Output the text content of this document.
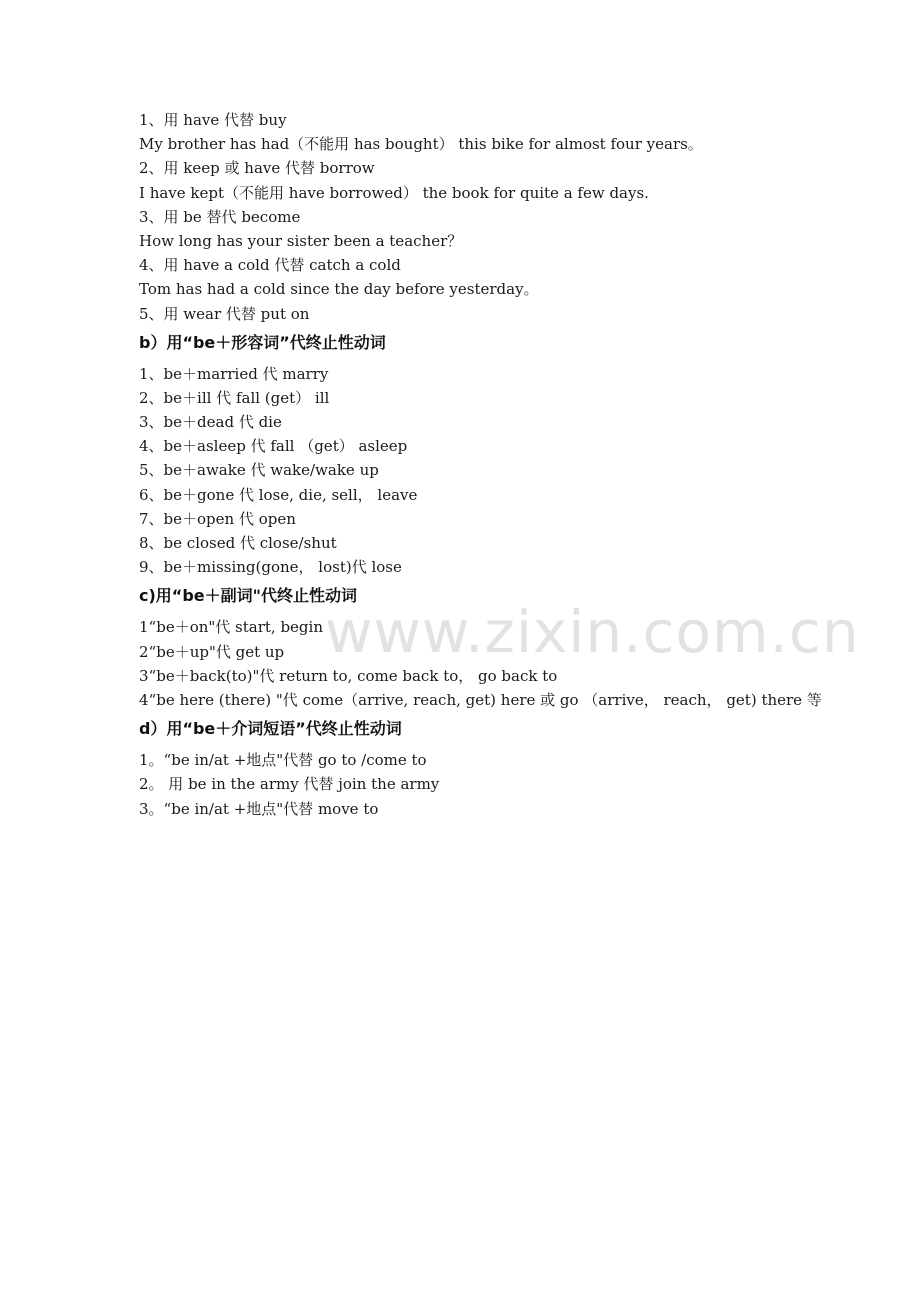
1、用 have 代替 buy
My brother has had（不能用 has bought） this bike for almost four years。
2、用 keep 或 have 代替 borrow
I have kept（不能用 have borrowed） the book for quite a few days.
3、用 be 替代 become
How long has your sister been a teacher？
4、用 have a cold 代替 catch a cold
Tom has had a cold since the day before yesterday。
5、用 wear 代替 put on
b）用“be＋形容词”代终止性动词
1、be＋married 代 marry
2、be＋ill 代 fall (get） ill
3、be＋dead 代 die
4、be＋asleep 代 fall （get） asleep
5、be＋awake 代 wake/wake up
6、be＋gone 代 lose, die, sell， leave
7、be＋open 代 open
8、be closed 代 close/shut
9、be＋missing(gone， lost)代 lose
c)用“be＋副词"代终止性动词
1“be＋on"代 start, begin
2“be＋up"代 get up
3“be＋back(to)"代 return to, come back to， go back to
4“be here (there) "代 come（arrive, reach, get) here 或 go （arrive， reach， get) there 等
d）用“be＋介词短语”代终止性动词
1。“be in/at +地点"代替 go to /come to
2。 用 be in the army 代替 join the army
3。“be in/at +地点"代替 move to
www.zixin.com.cn
